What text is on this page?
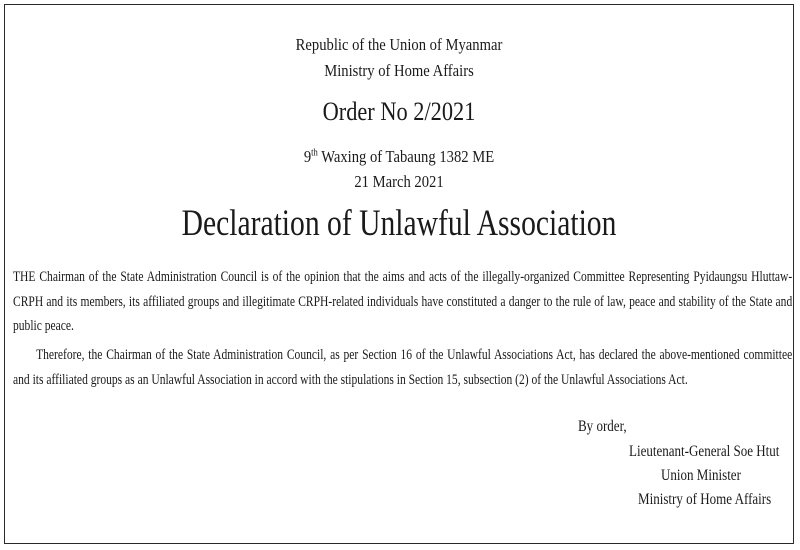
Republic of the Union of Myanmar
Ministry of Home Affairs
Order No 2/2021
9th Waxing of Tabaung 1382 ME
21 March 2021
Declaration of Unlawful Association

THE Chairman of the State Administration Council is of the opinion that the aims and acts of the illegally-organized Committee Representing Pyidaungsu Hluttaw-CRPH and its members, its affiliated groups and illegitimate CRPH-related individuals have constituted a danger to the rule of law, peace and stability of the State and public peace.

Therefore, the Chairman of the State Administration Council, as per Section 16 of the Unlawful Associations Act, has declared the above-mentioned committee and its affiliated groups as an Unlawful Association in accord with the stipulations in Section 15, subsection (2) of the Unlawful Associations Act.

By order,
Lieutenant-General Soe Htut
Union Minister
Ministry of Home Affairs
